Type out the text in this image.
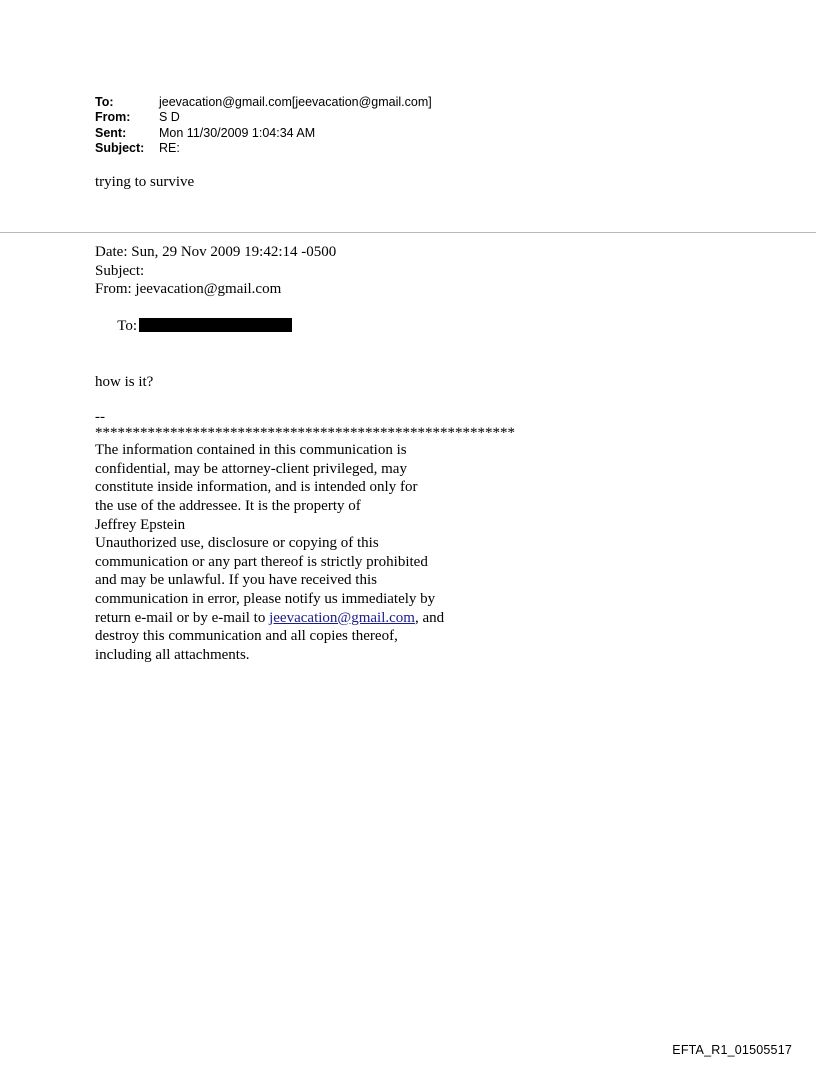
To:	jeevacation@gmail.com[jeevacation@gmail.com]
From:	S D
Sent:	Mon 11/30/2009 1:04:34 AM
Subject:	RE:
trying to survive
Date: Sun, 29 Nov 2009 19:42:14 -0500
Subject:
From: jeevacation@gmail.com

To:

how is it?
--
********************************************************
The information contained in this communication is
confidential, may be attorney-client privileged, may
constitute inside information, and is intended only for
the use of the addressee. It is the property of
Jeffrey Epstein
Unauthorized use, disclosure or copying of this
communication or any part thereof is strictly prohibited
and may be unlawful. If you have received this
communication in error, please notify us immediately by
return e-mail or by e-mail to jeevacation@gmail.com, and
destroy this communication and all copies thereof,
including all attachments.
EFTA_R1_01505517
